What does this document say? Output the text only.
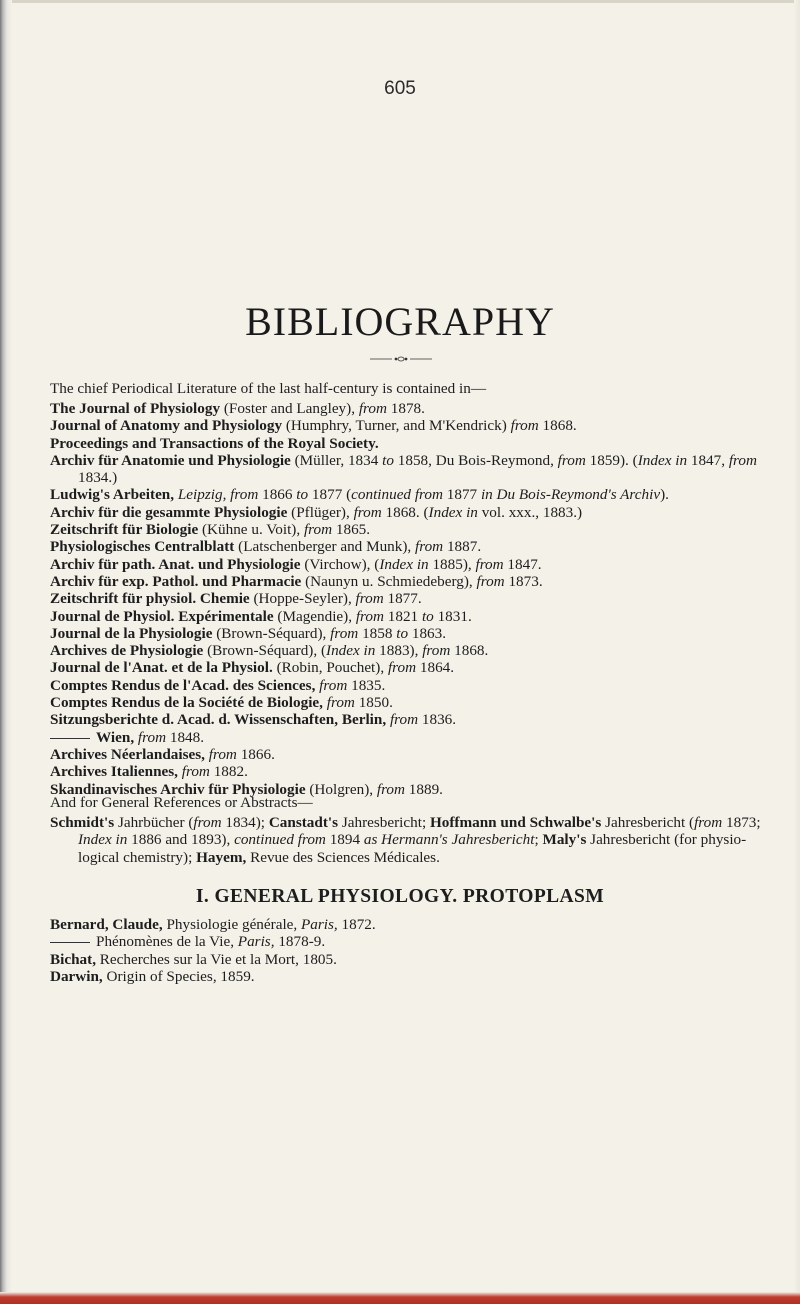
605
BIBLIOGRAPHY
The chief Periodical Literature of the last half-century is contained in—

The Journal of Physiology (Foster and Langley), from 1878.

Journal of Anatomy and Physiology (Humphry, Turner, and M'Kendrick) from 1868.

Proceedings and Transactions of the Royal Society.

Archiv für Anatomie und Physiologie (Müller, 1834 to 1858, Du Bois-Reymond, from 1859). (Index in 1847, from 1834.)

Ludwig's Arbeiten, Leipzig, from 1866 to 1877 (continued from 1877 in Du Bois-Reymond's Archiv).

Archiv für die gesammte Physiologie (Pflüger), from 1868. (Index in vol. xxx., 1883.)

Zeitschrift für Biologie (Kühne u. Voit), from 1865.

Physiologisches Centralblatt (Latschenberger and Munk), from 1887.

Archiv für path. Anat. und Physiologie (Virchow), (Index in 1885), from 1847.

Archiv für exp. Pathol. und Pharmacie (Naunyn u. Schmiedeberg), from 1873.

Zeitschrift für physiol. Chemie (Hoppe-Seyler), from 1877.

Journal de Physiol. Expérimentale (Magendie), from 1821 to 1831.

Journal de la Physiologie (Brown-Séquard), from 1858 to 1863.

Archives de Physiologie (Brown-Séquard), (Index in 1883), from 1868.

Journal de l'Anat. et de la Physiol. (Robin, Pouchet), from 1864.

Comptes Rendus de l'Acad. des Sciences, from 1835.

Comptes Rendus de la Société de Biologie, from 1850.

Sitzungsberichte d. Acad. d. Wissenschaften, Berlin, from 1836.

Wien, from 1848.

Archives Néerlandaises, from 1866.

Archives Italiennes, from 1882.

Skandinavisches Archiv für Physiologie (Holgren), from 1889.

And for General References or Abstracts—

Schmidt's Jahrbücher (from 1834); Canstadt's Jahresbericht; Hoffmann und Schwalbe's Jahresbericht (from 1873; Index in 1886 and 1893), continued from 1894 as Hermann's Jahresbericht; Maly's Jahresbericht (for physiological chemistry); Hayem, Revue des Sciences Médicales.

I. GENERAL PHYSIOLOGY. PROTOPLASM

Bernard, Claude, Physiologie générale, Paris, 1872.

Phénomènes de la Vie, Paris, 1878-9.

Bichat, Recherches sur la Vie et la Mort, 1805.

Darwin, Origin of Species, 1859.
